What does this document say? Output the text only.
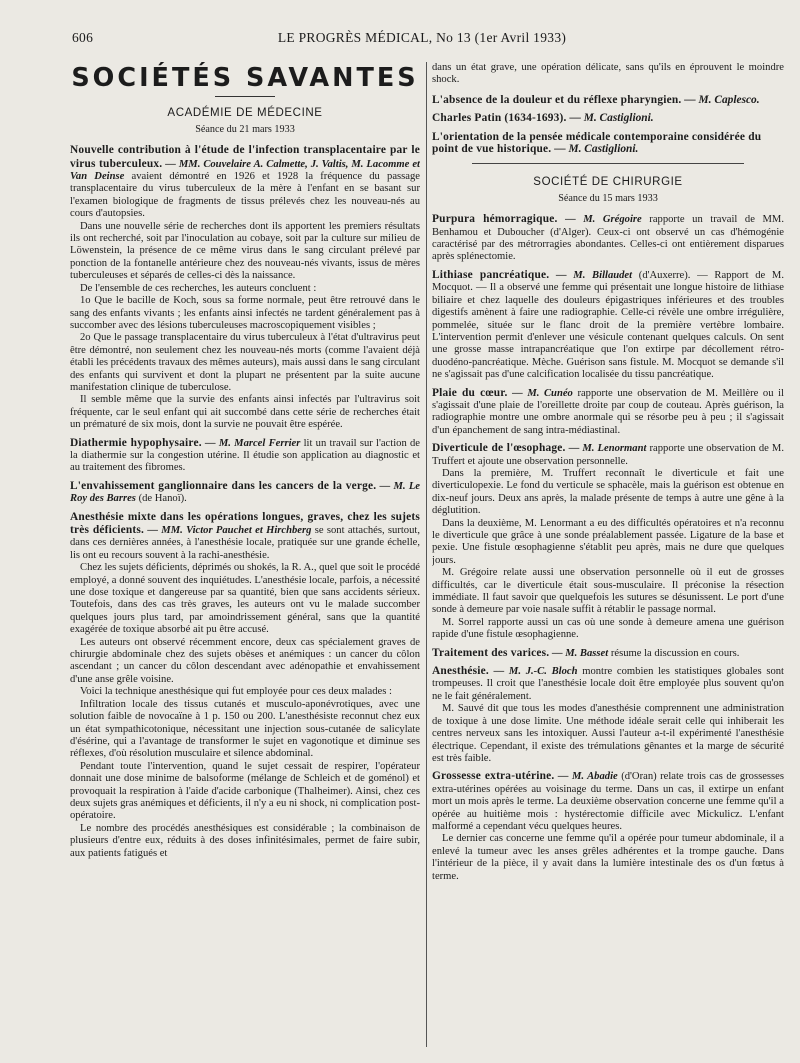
606	LE PROGRÈS MÉDICAL, No 13 (1er Avril 1933)
SOCIÉTÉS SAVANTES
ACADÉMIE DE MÉDECINE
Séance du 21 mars 1933

Nouvelle contribution à l'étude de l'infection transplacentaire par le virus tuberculeux. — MM. Couvelaire A. Calmette, J. Valtis, M. Lacomme et Van Deinse avaient démontré en 1926 et 1928 la fréquence du passage transplacentaire du virus tuberculeux de la mère à l'enfant en se basant sur l'examen biologique de fragments de tissus prélevés chez les nouveau-nés au cours d'autopsies.

Dans une nouvelle série de recherches dont ils apportent les premiers résultats ils ont recherché, soit par l'inoculation au cobaye, soit par la culture sur milieu de Löwenstein, la présence de ce même virus dans le sang circulant prélevé par ponction de la fontanelle antérieure chez des nouveau-nés vivants, issus de mères tuberculeuses et séparés de celles-ci dès la naissance.

De l'ensemble de ces recherches, les auteurs concluent :

1o Que le bacille de Koch, sous sa forme normale, peut être retrouvé dans le sang des enfants vivants ; les enfants ainsi infectés ne tardent généralement pas à succomber avec des lésions tuberculeuses macroscopiquement visibles ;

2o Que le passage transplacentaire du virus tuberculeux à l'état d'ultravirus peut être démontré, non seulement chez les nouveau-nés morts (comme l'avaient déjà établi les précédents travaux des mêmes auteurs), mais aussi dans le sang circulant des enfants qui survivent et dont la plupart ne présentent par la suite aucune manifestation clinique de tuberculose.

Il semble même que la survie des enfants ainsi infectés par l'ultravirus soit fréquente, car le seul enfant qui ait succombé dans cette série de recherches était un prématuré de six mois, dont la survie ne pouvait être espérée.

Diathermie hypophysaire. — M. Marcel Ferrier lit un travail sur l'action de la diathermie sur la congestion utérine. Il étudie son application au diagnostic et au traitement des fibromes.

L'envahissement ganglionnaire dans les cancers de la verge. — M. Le Roy des Barres (de Hanoï).

Anesthésie mixte dans les opérations longues, graves, chez les sujets très déficients. — MM. Victor Pauchet et Hirchberg se sont attachés, surtout, dans ces dernières années, à l'anesthésie locale, pratiquée sur une grande échelle, lis ont eu recours souvent à la rachi-anesthésie.

Chez les sujets déficients, déprimés ou shokés, la R. A., quel que soit le procédé employé, a donné souvent des inquiétudes. L'anesthésie locale, parfois, a nécessité une dose toxique et dangereuse par sa quantité, bien que sans accidents sérieux. Toutefois, dans des cas très graves, les auteurs ont vu le malade succomber quelques jours plus tard, par amoindrissement général, sans que la quantité exagérée de toxique absorbé ait pu être accusé.

Les auteurs ont observé récemment encore, deux cas spécialement graves de chirurgie abdominale chez des sujets obèses et anémiques : un cancer du côlon ascendant ; un cancer du côlon descendant avec adénopathie et envahissement d'une anse grêle voisine.

Voici la technique anesthésique qui fut employée pour ces deux malades :

Infiltration locale des tissus cutanés et musculo-aponévrotiques, avec une solution faible de novocaïne à 1 p. 150 ou 200. L'anesthésiste reconnut chez eux un état sympathicotonique, nécessitant une injection sous-cutanée de salicylate d'ésérine, qui a l'avantage de transformer le sujet en vagonotique et diminue ses réflexes, d'où résolution musculaire et silence abdominal.

Pendant toute l'intervention, quand le sujet cessait de respirer, l'opérateur donnait une dose minime de balsoforme (mélange de Schleich et de goménol) et provoquait la respiration à l'aide d'acide carbonique (Thalheimer). Ainsi, chez ces deux sujets gras anémiques et déficients, il n'y a eu ni shock, ni complication post-opératoire.

Le nombre des procédés anesthésiques est considérable ; la combinaison de plusieurs d'entre eux, réduits à des doses infinitésimales, permet de faire subir, aux patients fatigués et

dans un état grave, une opération délicate, sans qu'ils en éprouvent le moindre shock.

L'absence de la douleur et du réflexe pharyngien. — M. Caplesco.
Charles Patin (1634-1693). — M. Castiglioni.
L'orientation de la pensée médicale contemporaine considérée du point de vue historique. — M. Castiglioni.
SOCIÉTÉ DE CHIRURGIE
Séance du 15 mars 1933

Purpura hémorragique. — M. Grégoire rapporte un travail de MM. Benhamou et Duboucher (d'Alger). Ceux-ci ont observé un cas d'hémogénie caractérisé par des métrorragies abondantes. Celles-ci ont entièrement disparues après splénectomie.

Lithiase pancréatique. — M. Billaudet (d'Auxerre). — Rapport de M. Mocquot. — Il a observé une femme qui présentait une longue histoire de lithiase biliaire et chez laquelle des douleurs épigastriques inférieures et des troubles digestifs amènent à faire une radiographie. Celle-ci révèle une ombre irrégulière, pommelée, située sur le flanc droit de la première vertèbre lombaire. L'intervention permit d'enlever une vésicule contenant quelques calculs. On sent une grosse masse intrapancréatique que l'on extirpe par décollement rétro-duodéno-pancréatique. Mèche. Guérison sans fistule. M. Mocquot se demande s'il ne s'agissait pas d'une calcification localisée du tissu pancréatique.

Plaie du cœur. — M. Cunéo rapporte une observation de M. Meillère ou il s'agissait d'une plaie de l'oreillette droite par coup de couteau. Après guérison, la radiographie montre une ombre anormale qui se résorbe peu à peu ; il s'agissait d'un épanchement de sang intra-médiastinal.

Diverticule de l'œsophage. — M. Lenormant rapporte une observation de M. Truffert et ajoute une observation personnelle.

Dans la première, M. Truffert reconnaît le diverticule et fait une diverticulopexie. Le fond du verticule se sphacèle, mais la guérison est obtenue en dix-neuf jours. Deux ans après, la malade présente de temps à autre une gêne à la déglutition.

Dans la deuxième, M. Lenormant a eu des difficultés opératoires et n'a reconnu le diverticule que grâce à une sonde préalablement passée. Ligature de la base et pexie. Une fistule œsophagienne s'établit peu après, mais ne dure que quelques jours.

M. Grégoire relate aussi une observation personnelle où il eut de grosses difficultés, car le diverticule était sous-musculaire. Il préconise la résection immédiate. Il faut savoir que quelquefois les sutures se désunissent. Le port d'une sonde à demeure par voie nasale suffit à rétablir le passage normal.

M. Sorrel rapporte aussi un cas où une sonde à demeure amena une guérison rapide d'une fistule œsophagienne.

Traitement des varices. — M. Basset résume la discussion en cours.

Anesthésie. — M. J.-C. Bloch montre combien les statistiques globales sont trompeuses. Il croit que l'anesthésie locale doit être employée plus souvent qu'on ne le fait généralement.

M. Sauvé dit que tous les modes d'anesthésie comprennent une administration de toxique à une dose limite. Une méthode idéale serait celle qui inhiberait les centres nerveux sans les intoxiquer. Aussi l'auteur a-t-il expérimenté l'anesthésie électrique. Cependant, il existe des trémulations gênantes et la marge de sécurité est très faible.

Grossesse extra-utérine. — M. Abadie (d'Oran) relate trois cas de grossesses extra-utérines opérées au voisinage du terme. Dans un cas, il extirpe un enfant mort un mois après le terme. La deuxième observation concerne une femme qu'il a opérée au huitième mois : hystérectomie difficile avec Mickulicz. L'enfant malformé a cependant vécu quelques heures.

Le dernier cas concerne une femme qu'il a opérée pour tumeur abdominale, il a enlevé la tumeur avec les anses grêles adhérentes et la trompe gauche. Dans l'intérieur de la pièce, il y avait dans la lumière intestinale des os d'un fœtus à terme.
